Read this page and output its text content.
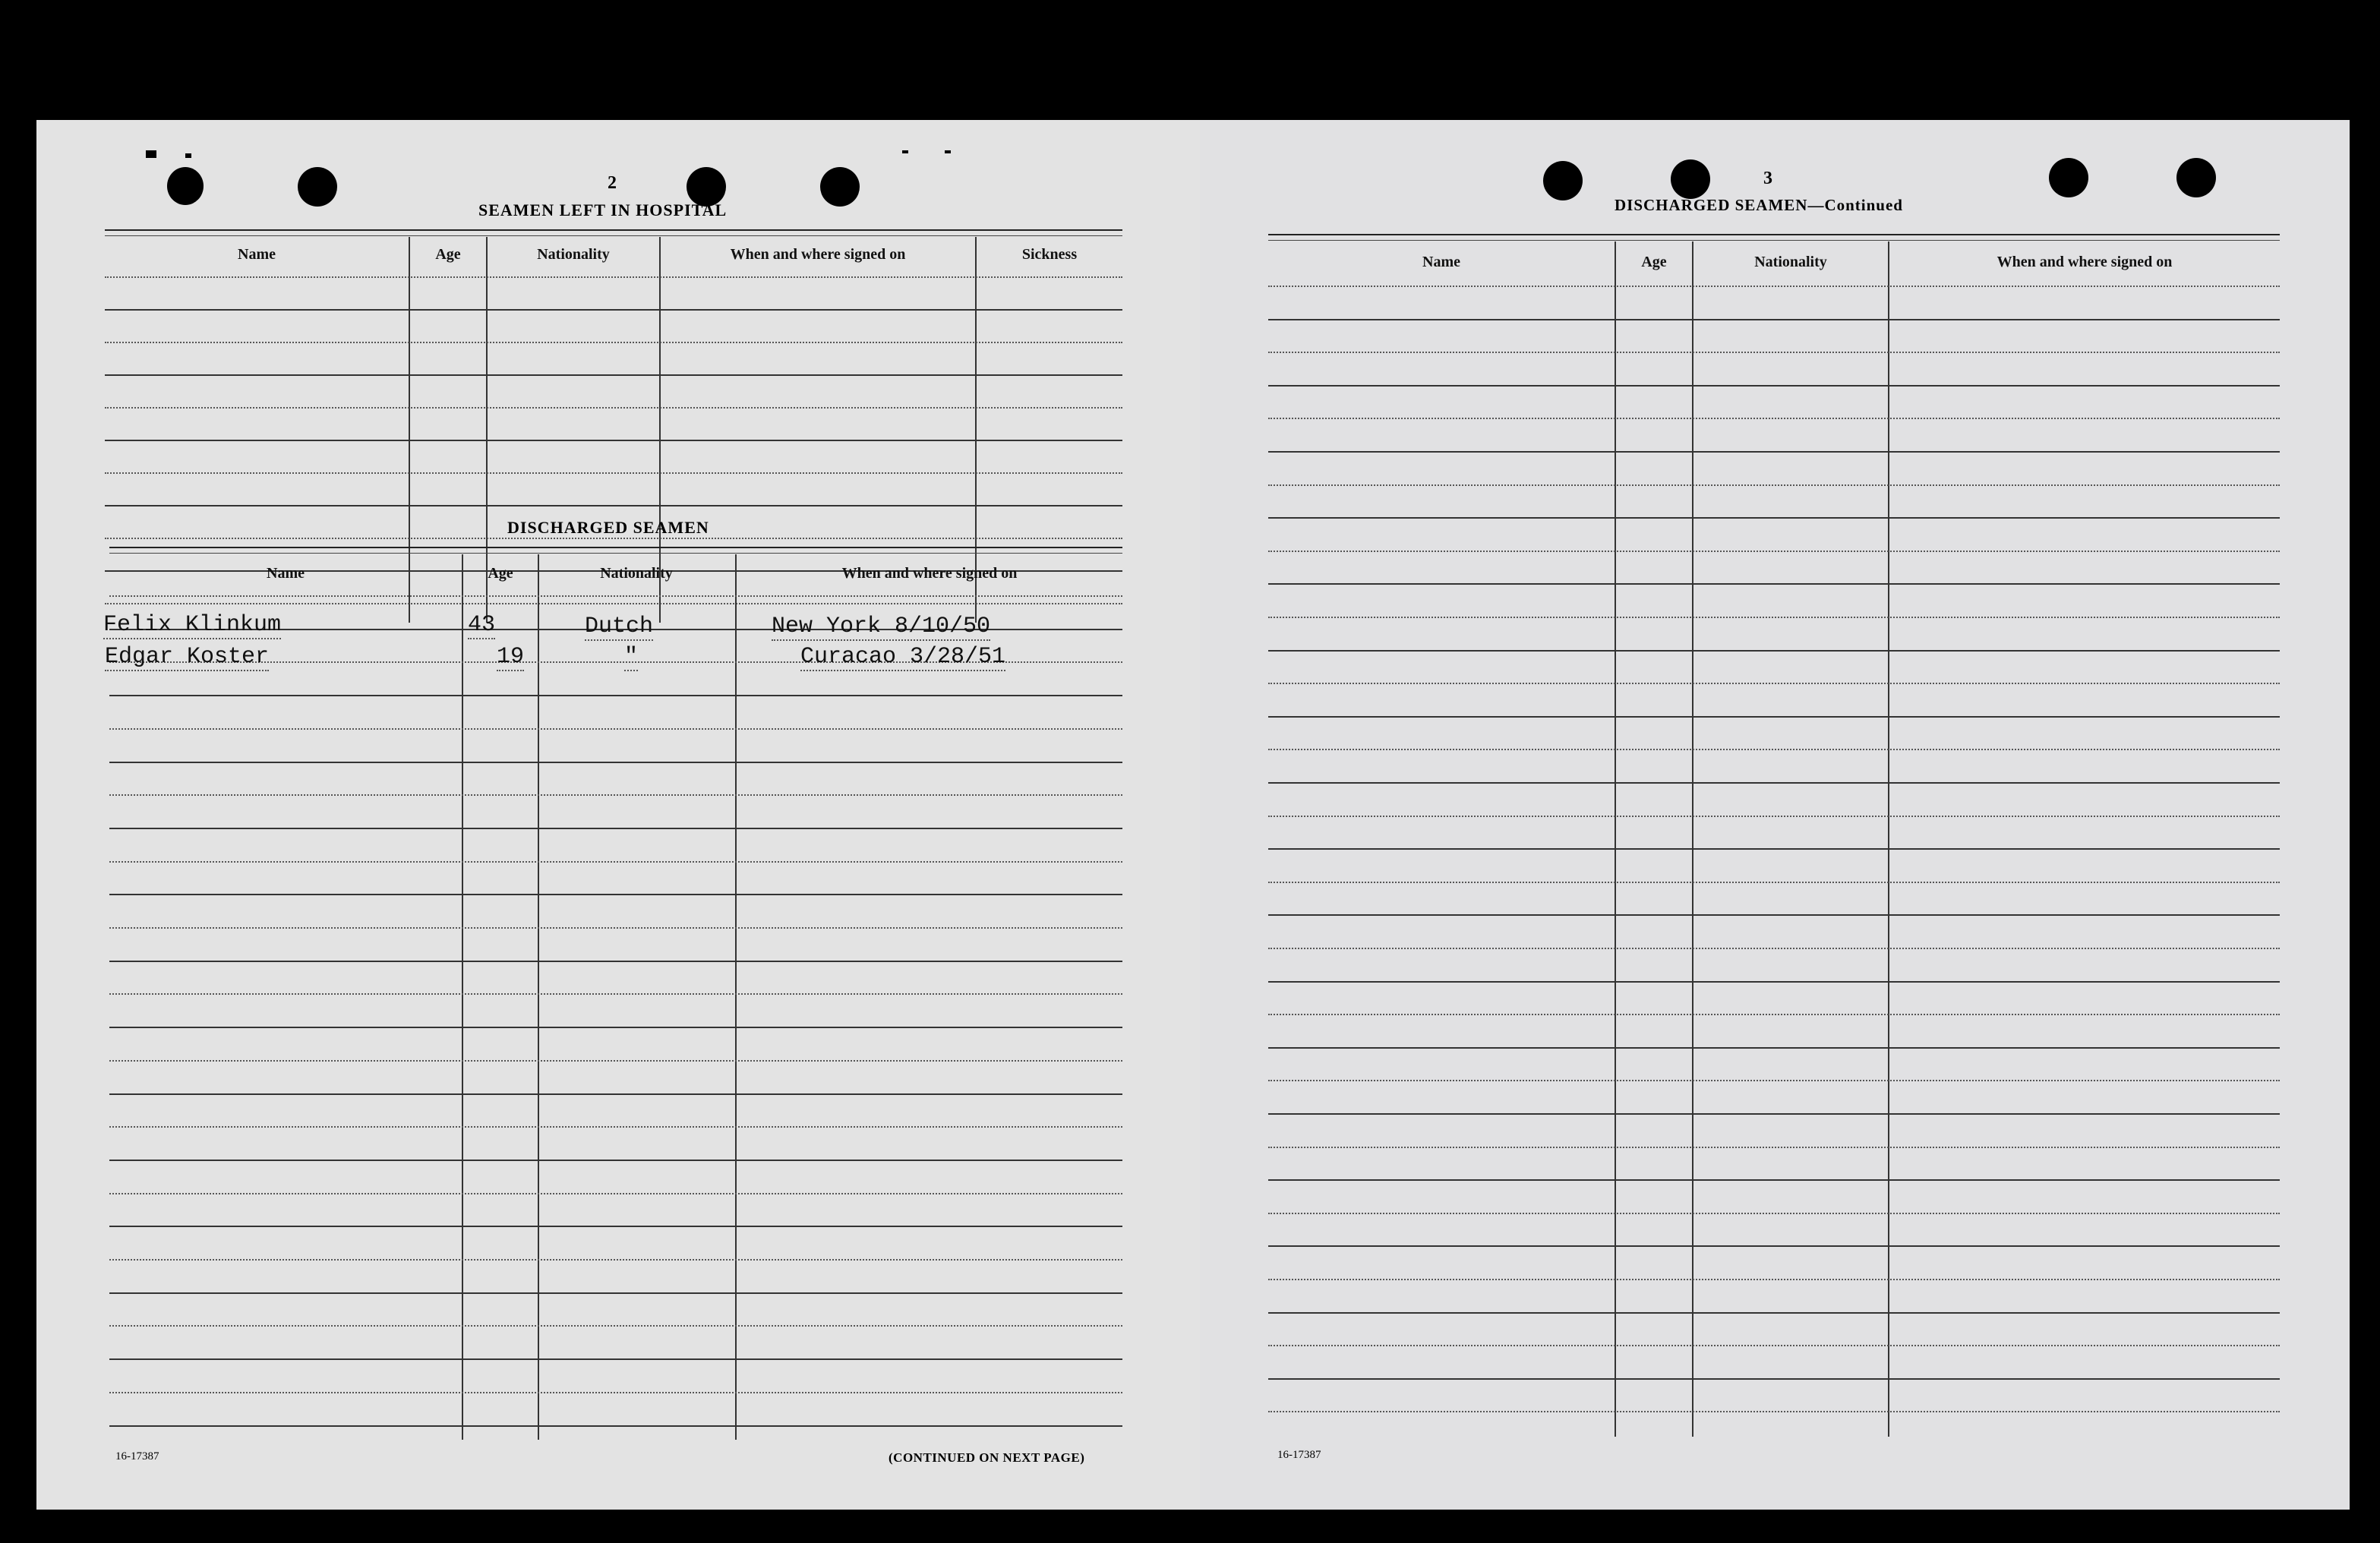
2
SEAMEN LEFT IN HOSPITAL
Name	Age	Nationality	When and where signed on	Sickness
DISCHARGED SEAMEN
Name	Age	Nationality	When and where signed on
Felix Klinkum	43	Dutch	New York 8/10/50
Edgar Koster	19	"	Curacao 3/28/51
16-17387	(CONTINUED ON NEXT PAGE)
3
DISCHARGED SEAMEN—Continued
Name	Age	Nationality	When and where signed on
16-17387
